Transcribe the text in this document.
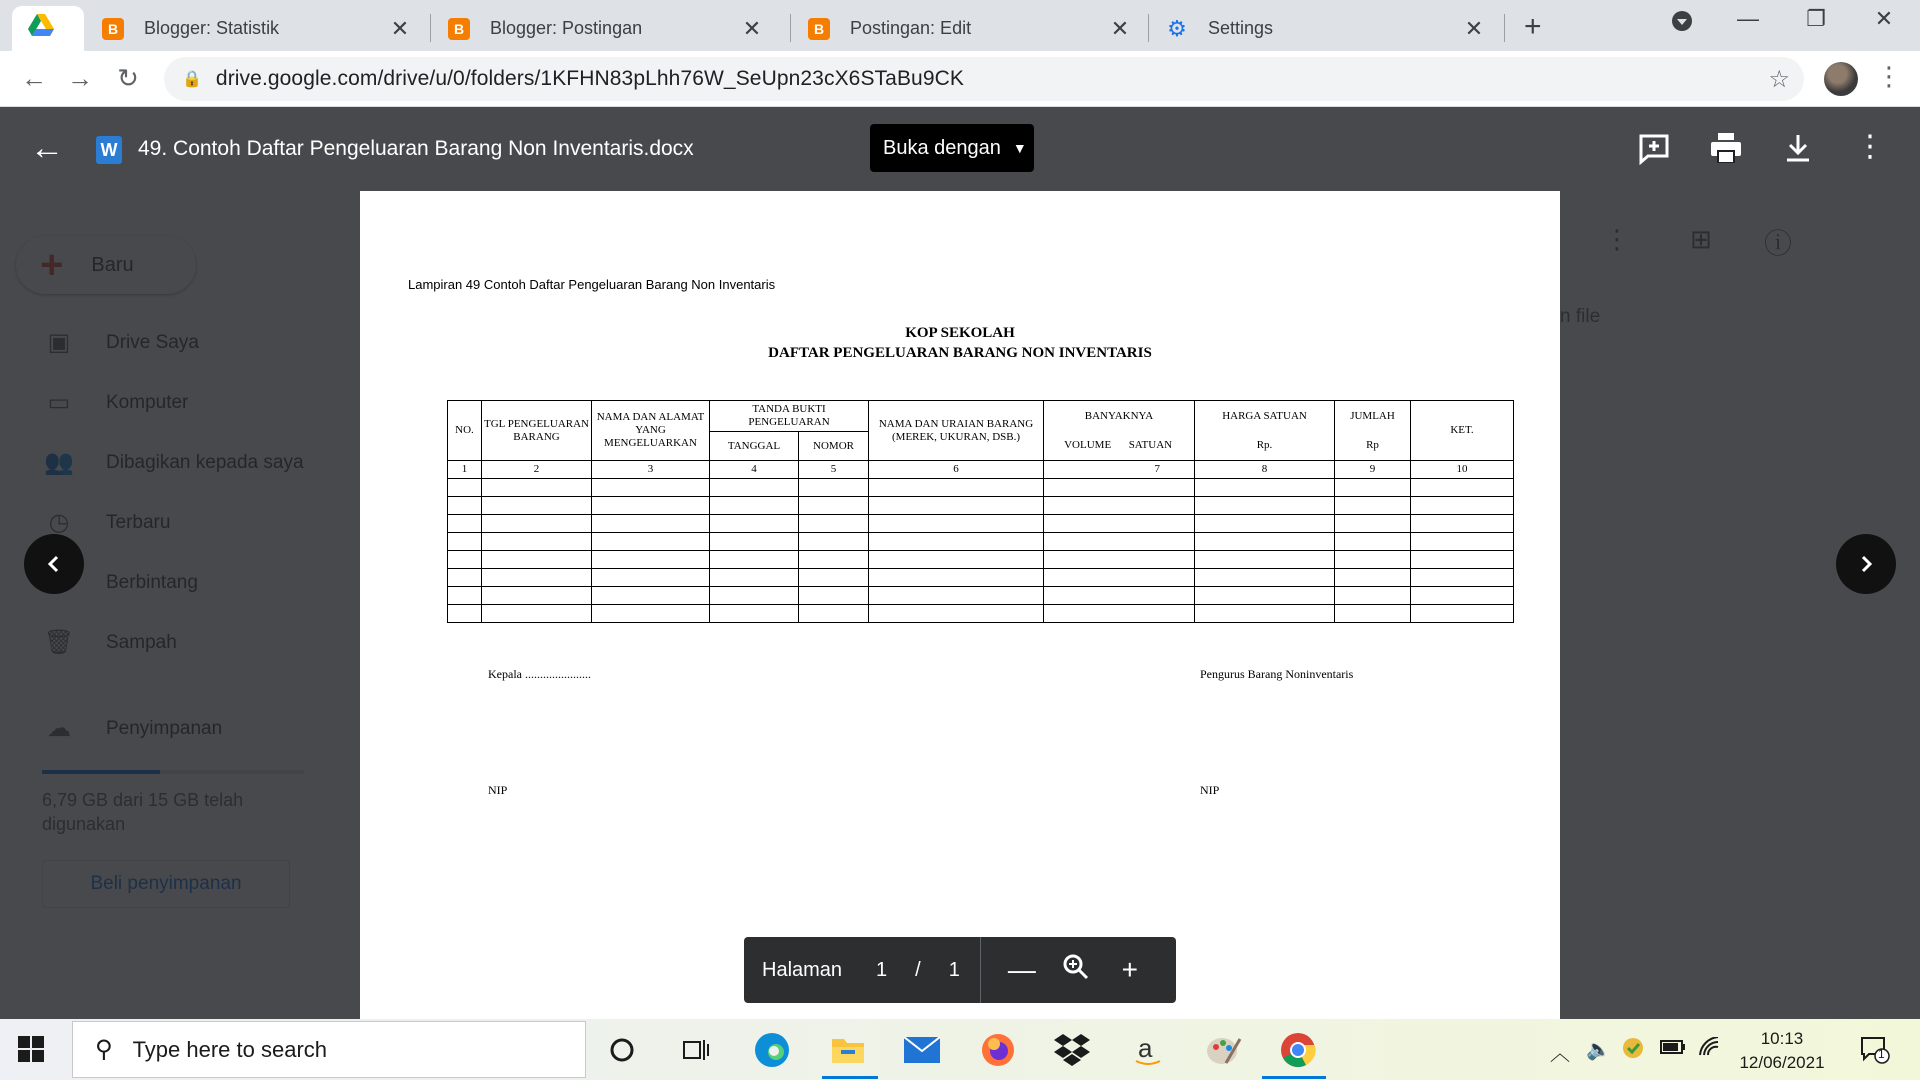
B	Blogger: Statistik	✕	B	Blogger: Postingan	✕	B	Postingan: Edit	✕ ⚙ Settings	✕ +	—	❐	✕
← → ↻	🔒 drive.google.com/drive/u/0/folders/1KFHN83pLhh76W_SeUpn23cX6STaBu9CK	☆	⋮
← W 49. Contoh Daftar Pengeluaran Barang Non Inventaris.docx	Buka dengan ▼	⋮
Lampiran 49 Contoh Daftar Pengeluaran Barang Non Inventaris
KOP SEKOLAH
DAFTAR PENGELUARAN BARANG NON INVENTARIS
NO.	TGL PENGELUARAN BARANG	NAMA DAN ALAMAT YANG MENGELUARKAN	TANDA BUKTI PENGELUARAN		NAMA DAN URAIAN BARANG (MEREK, UKURAN, DSB.)	BANYAKNYA	HARGA SATUAN	JUMLAH	KET.
			TANGGAL	NOMOR		VOLUME SATUAN	Rp.	Rp	
1	2	3	4	5	6	7	8	9	10

Kepala ......................	Pengurus Barang Noninventaris
NIP	NIP
Halaman 1 / 1	—	+
⚲ Type here to search	a	︿ 🔈
10:13
12/06/2021	1
